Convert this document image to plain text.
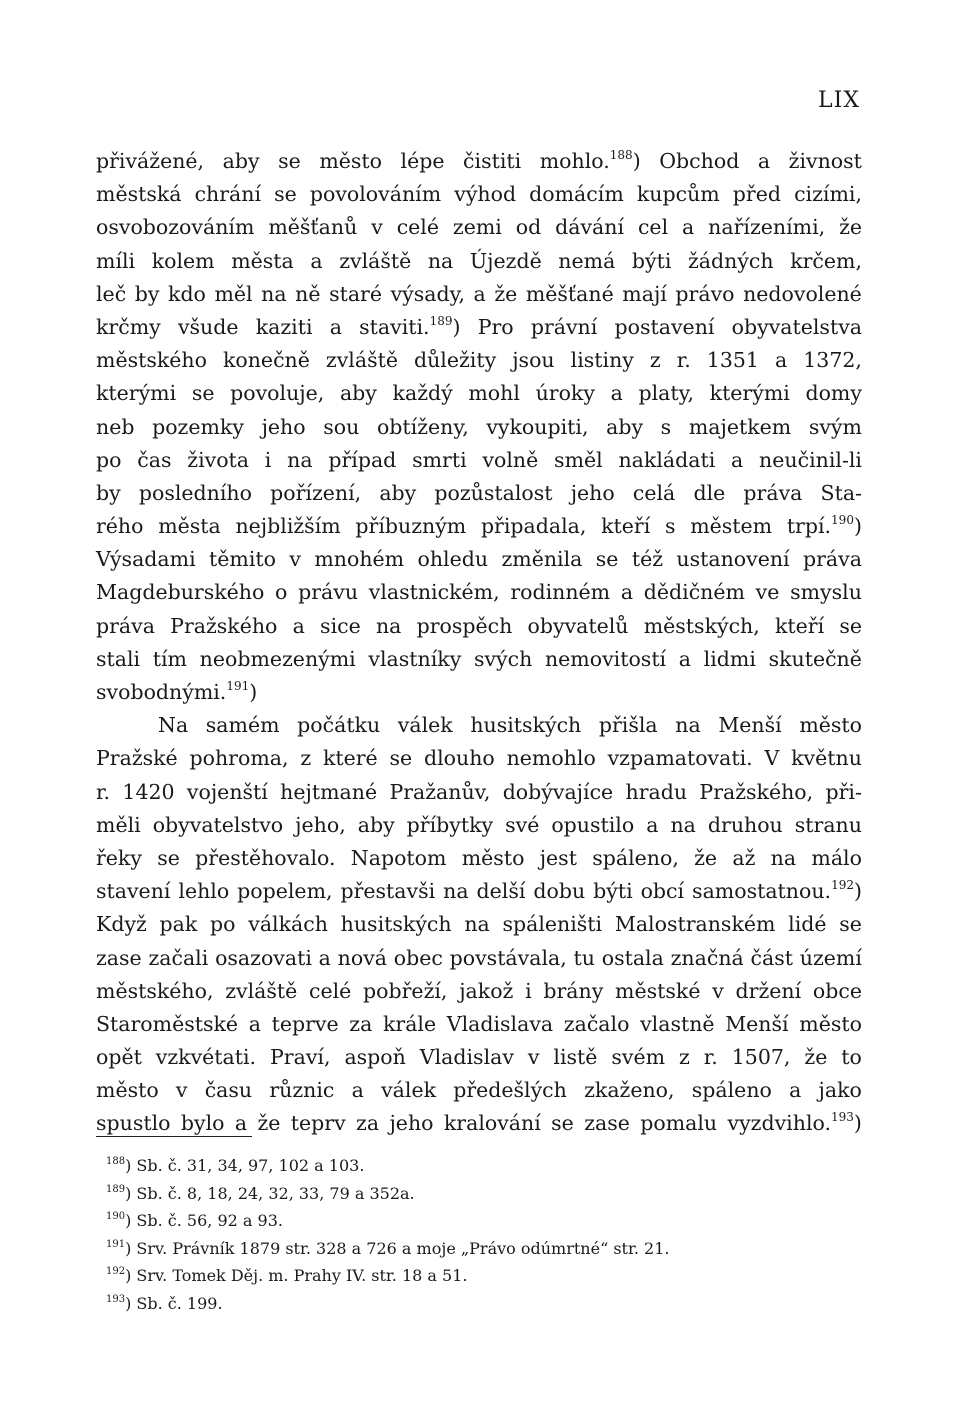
LIX
přivážené, aby se město lépe čistiti mohlo.$^{188}$) Obchod a živnost
městská chrání se povolováním výhod domácím kupcům před cizími,
osvobozováním měšťanů v celé zemi od dávání cel a nařízeními, že
míli kolem města a zvláště na Újezdě nemá býti žádných krčem,
leč by kdo měl na ně staré výsady, a že měšťané mají právo nedovolené
krčmy všude kaziti a staviti.$^{189}$) Pro právní postavení obyvatelstva
městského konečně zvláště důležity jsou listiny z r. 1351 a 1372,
kterými se povoluje, aby každý mohl úroky a platy, kterými domy
neb pozemky jeho sou obtíženy, vykoupiti, aby s majetkem svým
po čas života i na případ smrti volně směl nakládati a neučinil-li
by posledního pořízení, aby pozůstalost jeho celá dle práva Sta-
rého města nejbližším příbuzným připadala, kteří s městem trpí.$^{190}$)
Výsadami těmito v mnohém ohledu změnila se též ustanovení práva
Magdeburského o právu vlastnickém, rodinném a dědičném ve smyslu
práva Pražského a sice na prospěch obyvatelů městských, kteří se
stali tím neobmezenými vlastníky svých nemovitostí a lidmi skutečně
svobodnými.$^{191}$)
Na samém počátku válek husitských přišla na Menší město
Pražské pohroma, z které se dlouho nemohlo vzpamatovati. V květnu
r. 1420 vojenští hejtmané Pražanův, dobývajíce hradu Pražského, při-
měli obyvatelstvo jeho, aby příbytky své opustilo a na druhou stranu
řeky se přestěhovalo. Napotom město jest spáleno, že až na málo
stavení lehlo popelem, přestavši na delší dobu býti obcí samostatnou.$^{192}$)
Když pak po válkách husitských na spáleništi Malostranském lidé se
zase začali osazovati a nová obec povstávala, tu ostala značná část území
městského, zvláště celé pobřeží, jakož i brány městské v držení obce
Staroměstské a teprve za krále Vladislava začalo vlastně Menší město
opět vzkvétati. Praví, aspoň Vladislav v listě svém z r. 1507, že to
město v času různic a válek předešlých zkaženo, spáleno a jako
spustlo bylo a že teprv za jeho kralování se zase pomalu vyzdvihlo.$^{193}$)
$^{188}$) Sb. č. 31, 34, 97, 102 a 103.
$^{189}$) Sb. č. 8, 18, 24, 32, 33, 79 a 352a.
$^{190}$) Sb. č. 56, 92 a 93.
$^{191}$) Srv. Právník 1879 str. 328 a 726 a moje „Právo odúmrtné“ str. 21.
$^{192}$) Srv. Tomek Děj. m. Prahy IV. str. 18 a 51.
$^{193}$) Sb. č. 199.
